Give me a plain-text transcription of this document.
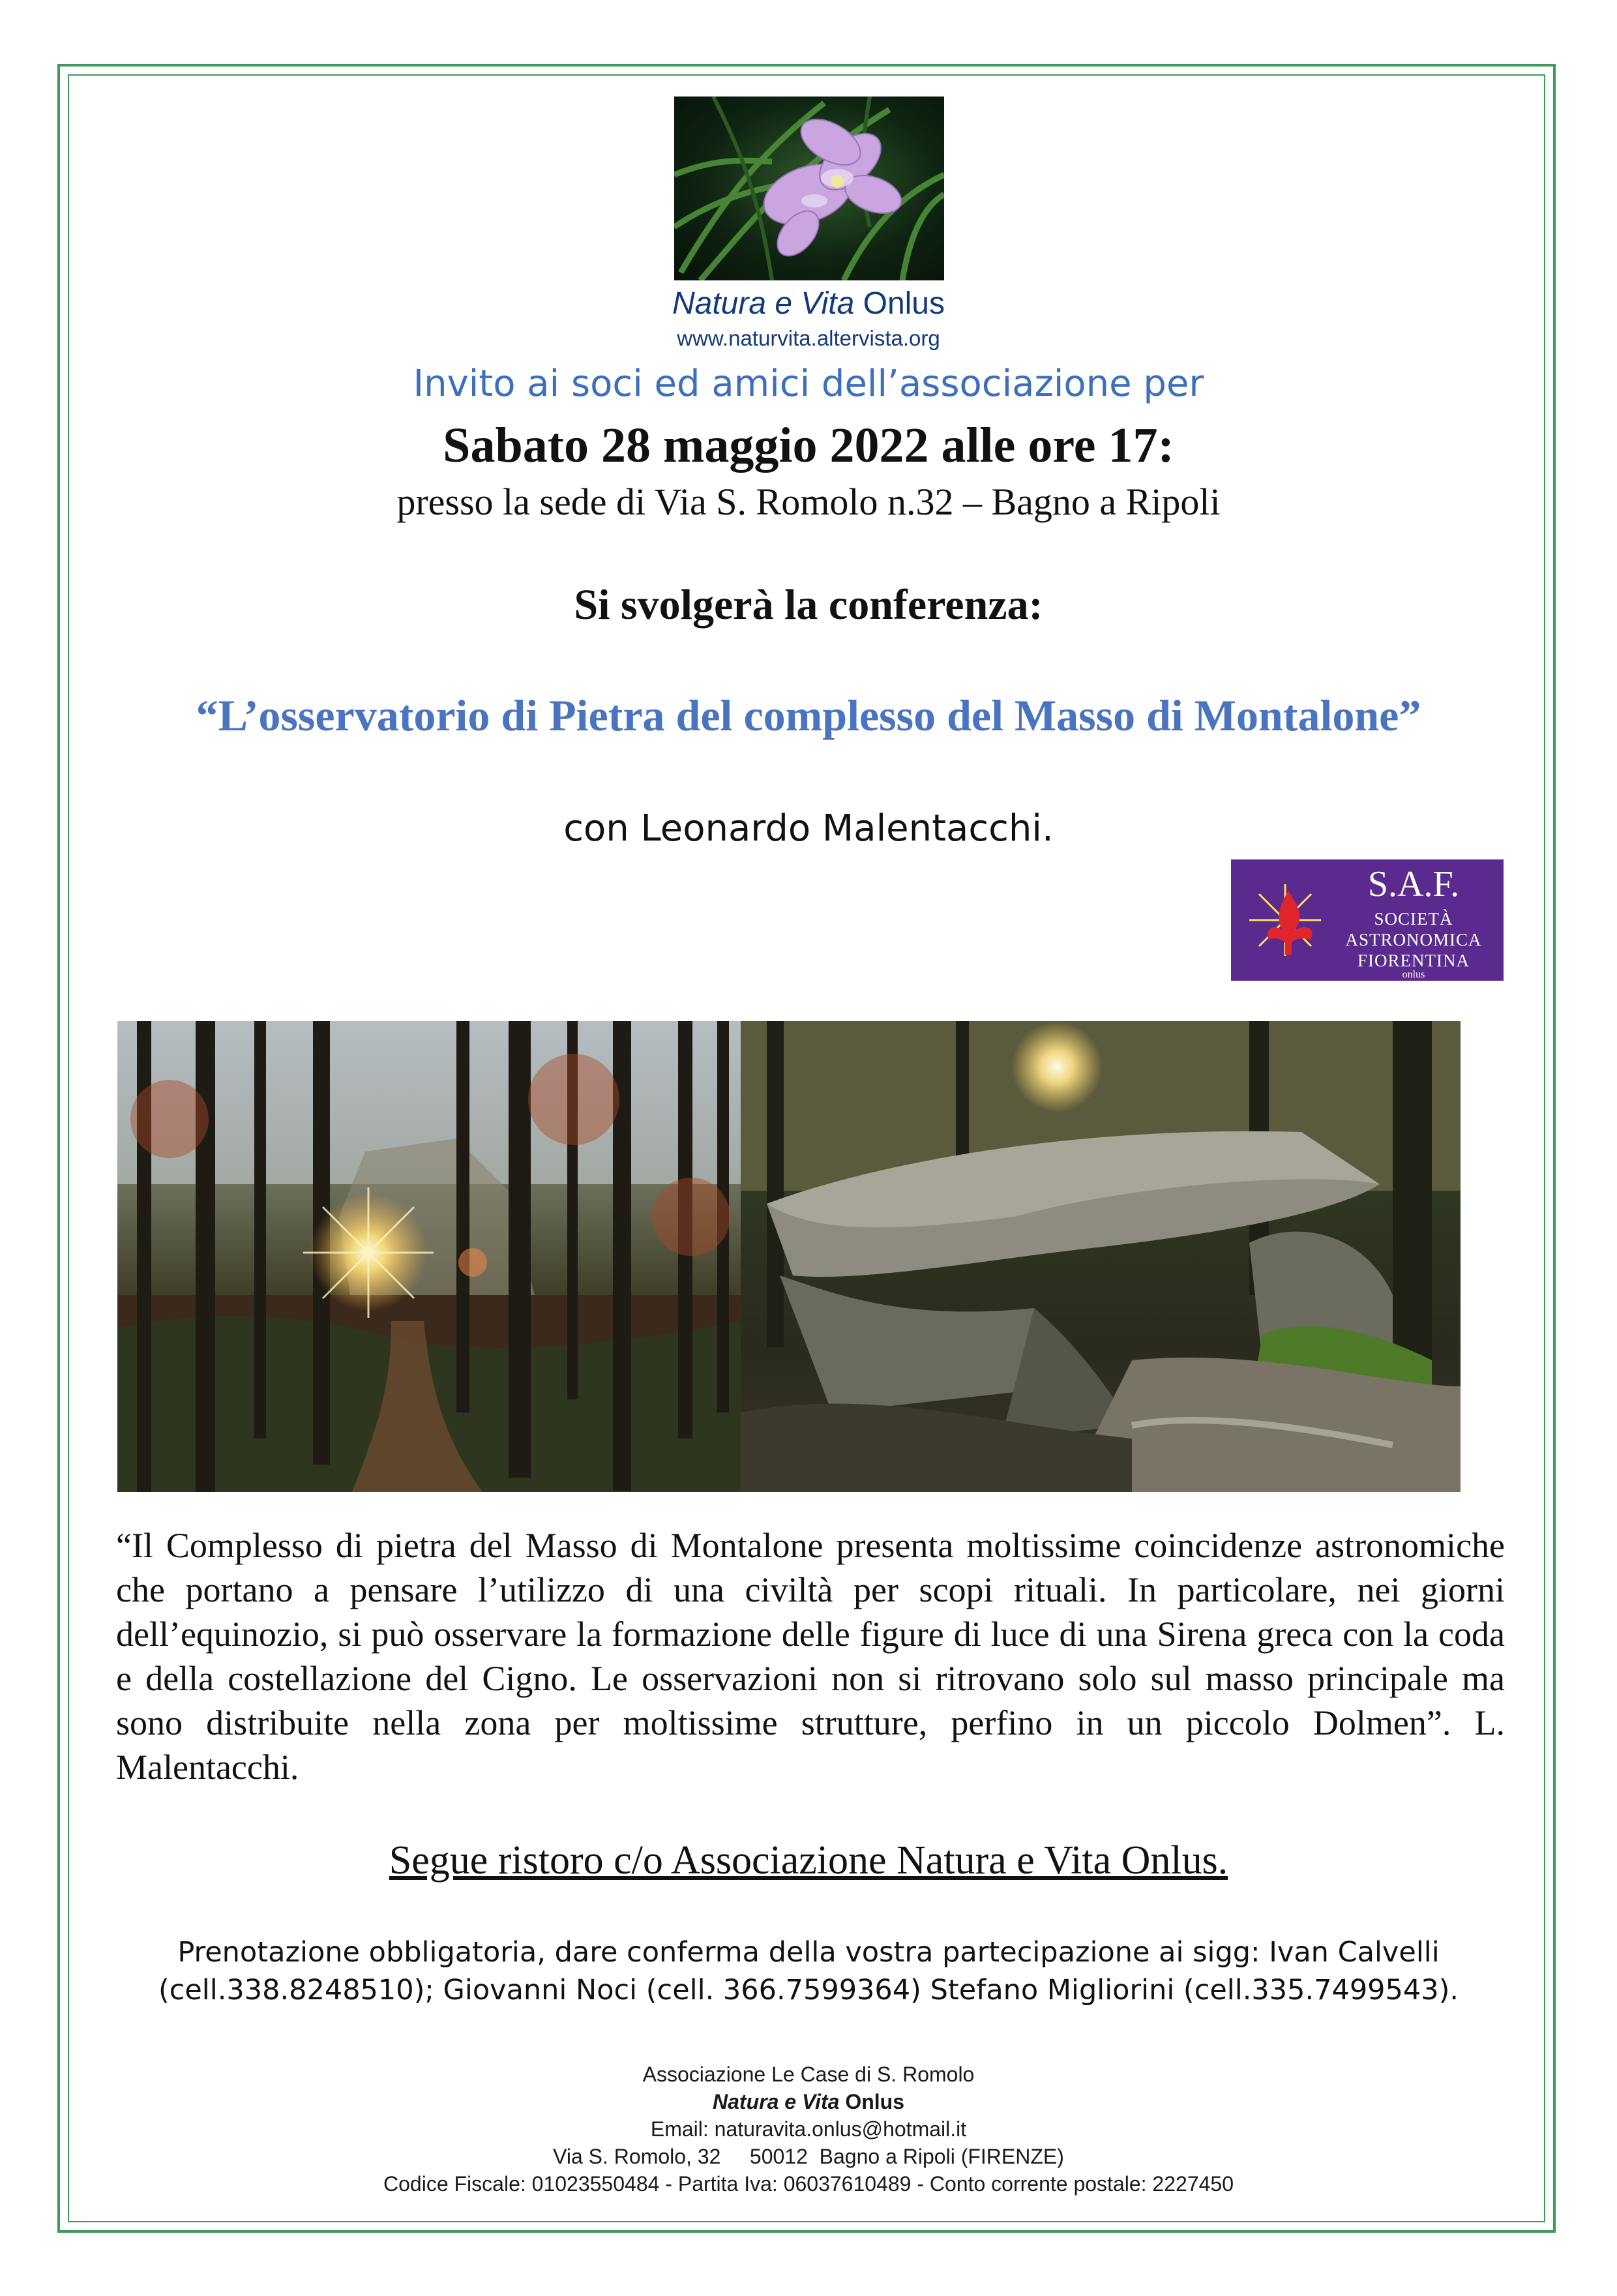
Natura e Vita Onlus
www.naturvita.altervista.org
Invito ai soci ed amici dell’associazione per
Sabato 28 maggio 2022 alle ore 17:
presso la sede di Via S. Romolo n.32 – Bagno a Ripoli
Si svolgerà la conferenza:
“L’osservatorio di Pietra del complesso del Masso di Montalone”
con Leonardo Malentacchi.
S.A.F.
SOCIETÀ
ASTRONOMICA
FIORENTINA
onlus
“Il Complesso di pietra del Masso di Montalone presenta moltissime coincidenze astronomiche che portano a pensare l’utilizzo di una civiltà per scopi rituali. In particolare, nei giorni dell’equinozio, si può osservare la formazione delle figure di luce di una Sirena greca con la coda e della costellazione del Cigno. Le osservazioni non si ritrovano solo sul masso principale ma sono distribuite nella zona per moltissime strutture, perfino in un piccolo Dolmen”. L. Malentacchi.
Segue ristoro c/o Associazione Natura e Vita Onlus.
Prenotazione obbligatoria, dare conferma della vostra partecipazione ai sigg: Ivan Calvelli (cell.338.8248510); Giovanni Noci (cell. 366.7599364) Stefano Migliorini (cell.335.7499543).
Associazione Le Case di S. Romolo
Natura e Vita Onlus
Email: naturavita.onlus@hotmail.it
Via S. Romolo, 32     50012  Bagno a Ripoli (FIRENZE)
Codice Fiscale: 01023550484 - Partita Iva: 06037610489 - Conto corrente postale: 2227450
